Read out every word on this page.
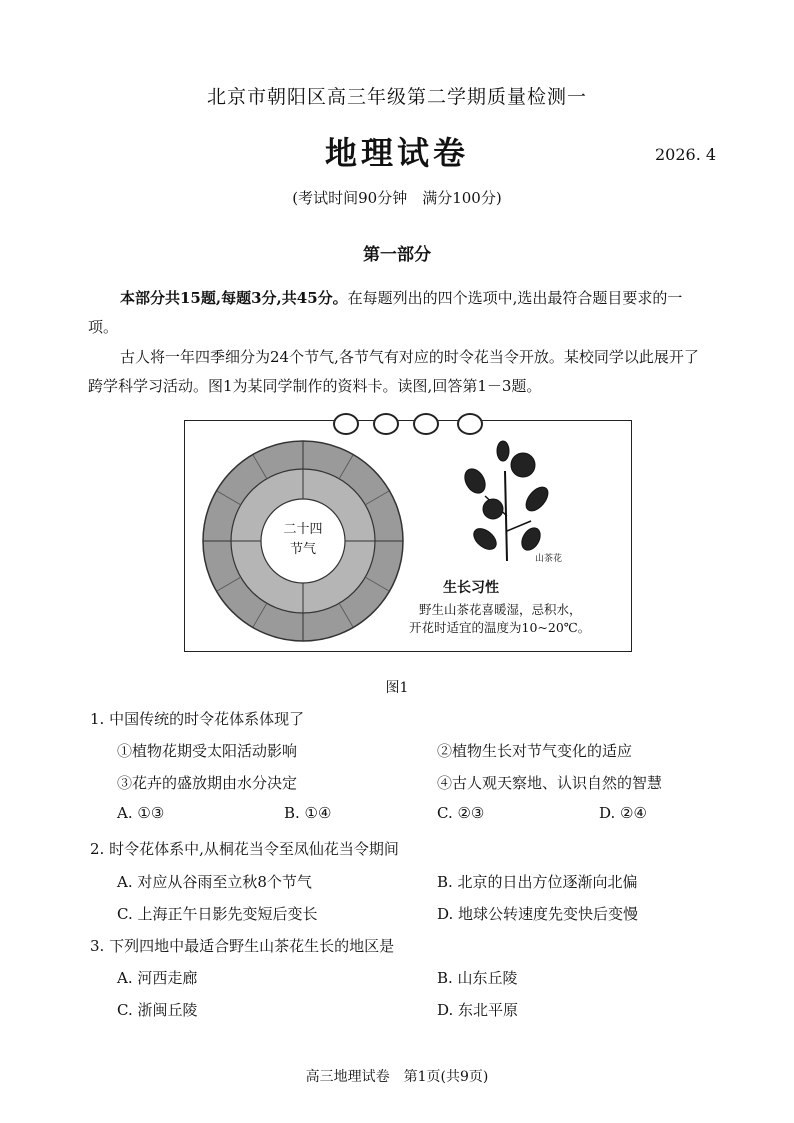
北京市朝阳区高三年级第二学期质量检测一
地理试卷	2026. 4
(考试时间90分钟　满分100分)
第一部分
本部分共15题,每题3分,共45分。在每题列出的四个选项中,选出最符合题目要求的一项。
古人将一年四季细分为24个节气,各节气有对应的时令花当令开放。某校同学以此展开了跨学科学习活动。图1为某同学制作的资料卡。读图,回答第1－3题。
二十四
节气
山茶花
生长习性
野生山茶花喜暖湿，忌积水，
开花时适宜的温度为10~20℃。
图1
1. 中国传统的时令花体系体现了
①植物花期受太阳活动影响	②植物生长对节气变化的适应
③花卉的盛放期由水分决定	④古人观天察地、认识自然的智慧
A. ①③	B. ①④	C. ②③	D. ②④
2. 时令花体系中,从桐花当令至凤仙花当令期间
A. 对应从谷雨至立秋8个节气	B. 北京的日出方位逐渐向北偏
C. 上海正午日影先变短后变长	D. 地球公转速度先变快后变慢
3. 下列四地中最适合野生山茶花生长的地区是
A. 河西走廊	B. 山东丘陵
C. 浙闽丘陵	D. 东北平原
高三地理试卷　第1页(共9页)
